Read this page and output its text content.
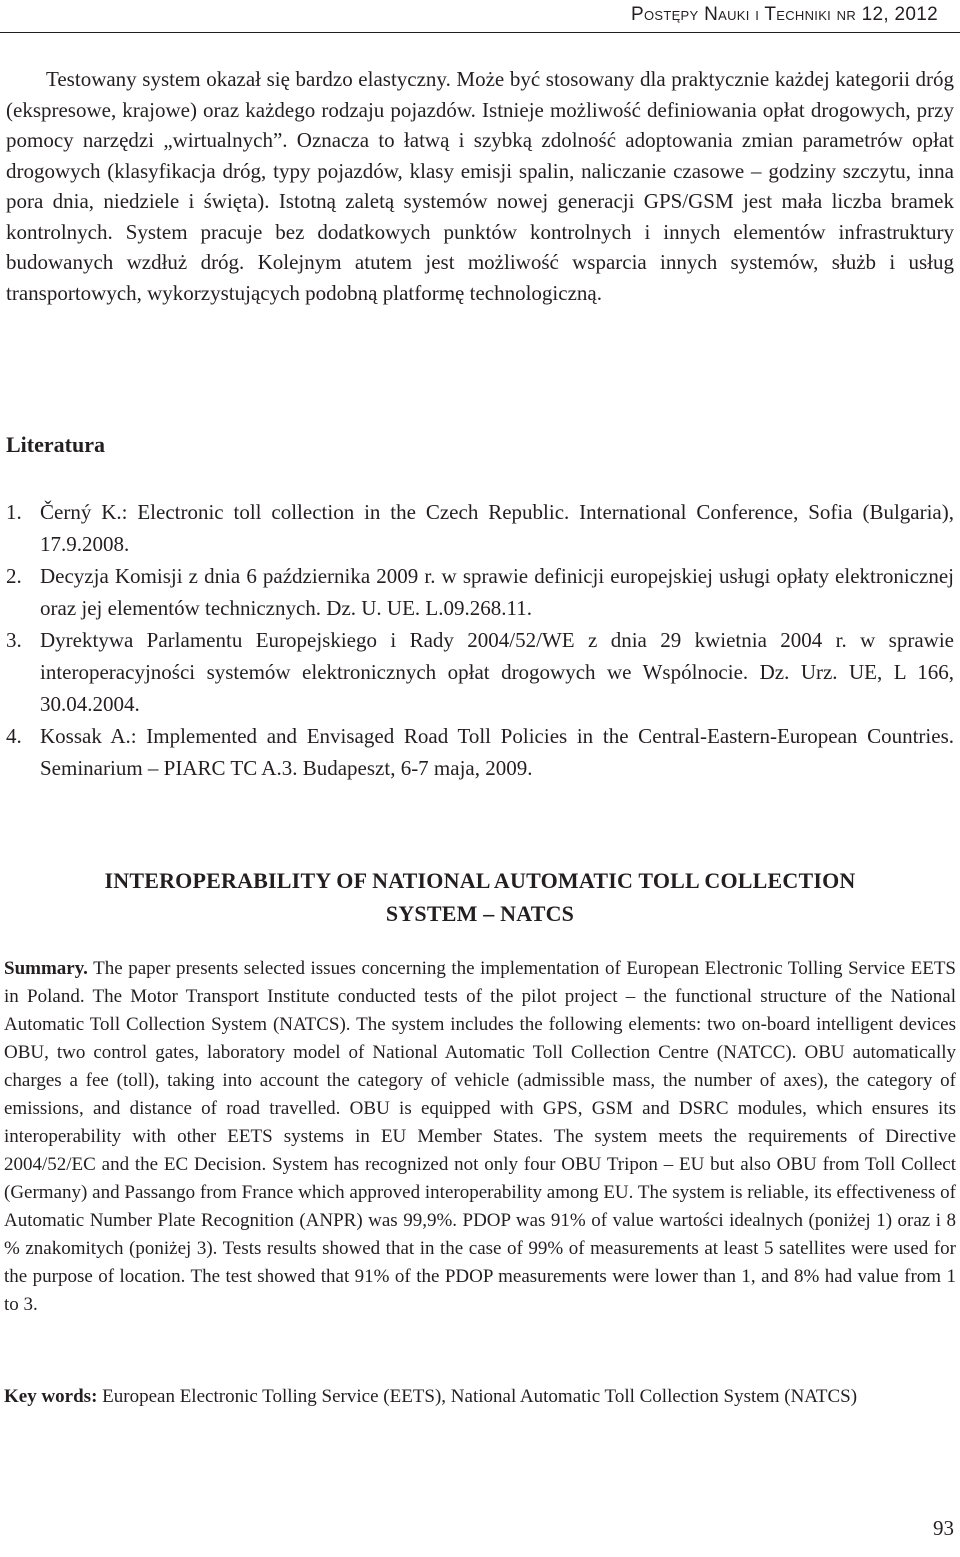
Postępy Nauki i Techniki nr 12, 2012

Testowany system okazał się bardzo elastyczny. Może być stosowany dla praktycznie każdej kategorii dróg (ekspresowe, krajowe) oraz każdego rodzaju pojazdów. Istnieje możliwość definiowania opłat drogowych, przy pomocy narzędzi „wirtualnych”. Oznacza to łatwą i szybką zdolność adoptowania zmian parametrów opłat drogowych (klasyfikacja dróg, typy pojazdów, klasy emisji spalin, naliczanie czasowe – godziny szczytu, inna pora dnia, niedziele i święta). Istotną zaletą systemów nowej generacji GPS/GSM jest mała liczba bramek kontrolnych. System pracuje bez dodatkowych punktów kontrolnych i innych elementów infrastruktury budowanych wzdłuż dróg. Kolejnym atutem jest możliwość wsparcia innych systemów, służb i usług transportowych, wykorzystujących podobną platformę technologiczną.

Literatura
1. Černý K.: Electronic toll collection in the Czech Republic. International Conference, Sofia (Bulgaria), 17.9.2008.
2. Decyzja Komisji z dnia 6 października 2009 r. w sprawie definicji europejskiej usługi opłaty elektronicznej oraz jej elementów technicznych. Dz. U. UE. L.09.268.11.
3. Dyrektywa Parlamentu Europejskiego i Rady 2004/52/WE z dnia 29 kwietnia 2004 r. w sprawie interoperacyjności systemów elektronicznych opłat drogowych we Wspólnocie. Dz. Urz. UE, L 166, 30.04.2004.
4. Kossak A.: Implemented and Envisaged Road Toll Policies in the Central-Eastern-European Countries. Seminarium – PIARC TC A.3. Budapeszt, 6-7 maja, 2009.
INTEROPERABILITY OF NATIONAL AUTOMATIC TOLL COLLECTION
SYSTEM – NATCS

Summary. The paper presents selected issues concerning the implementation of European Electronic Tolling Service EETS in Poland. The Motor Transport Institute conducted tests of the pilot project – the functional structure of the National Automatic Toll Collection System (NATCS). The system includes the following elements: two on-board intelligent devices OBU, two control gates, laboratory model of National Automatic Toll Collection Centre (NATCC). OBU automatically charges a fee (toll), taking into account the category of vehicle (admissible mass, the number of axes), the category of emissions, and distance of road travelled. OBU is equipped with GPS, GSM and DSRC modules, which ensures its interoperability with other EETS systems in EU Member States. The system meets the requirements of Directive 2004/52/EC and the EC Decision. System has recognized not only four OBU Tripon – EU but also OBU from Toll Collect (Germany) and Passango from France which approved interoperability among EU. The system is reliable, its effectiveness of Automatic Number Plate Recognition (ANPR) was 99,9%. PDOP was 91% of value wartości idealnych (poniżej 1) oraz i 8 % znakomitych (poniżej 3). Tests results showed that in the case of 99% of measurements at least 5 satellites were used for the purpose of location. The test showed that 91% of the PDOP measurements were lower than 1, and 8% had value from 1 to 3.

Key words: European Electronic Tolling Service (EETS), National Automatic Toll Collection System (NATCS)

93
